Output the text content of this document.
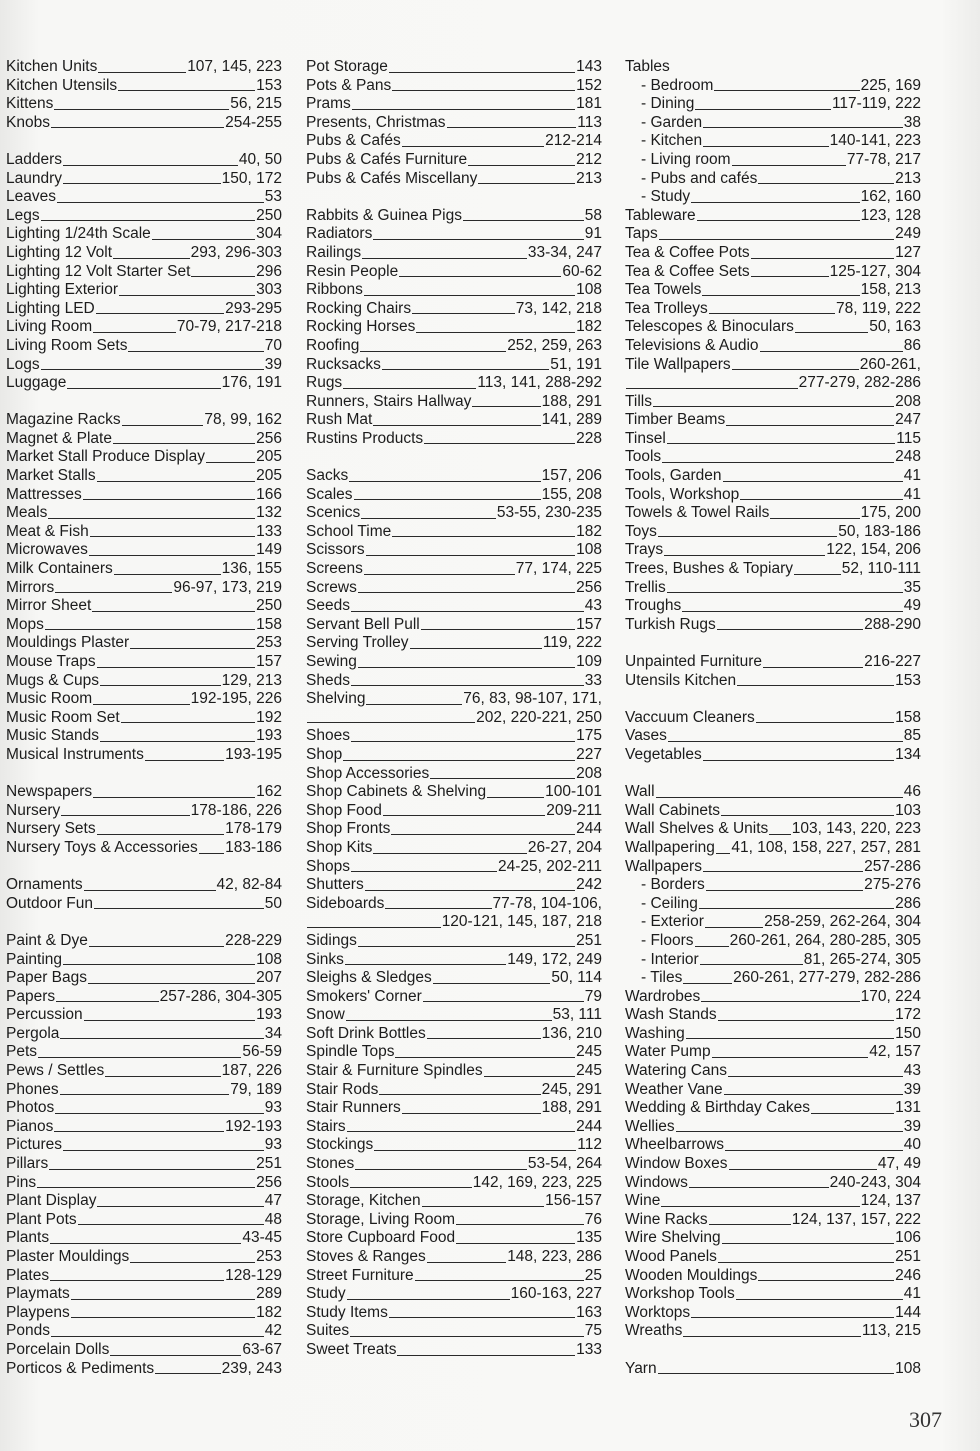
Kitchen Units	107, 145, 223
Kitchen Utensils	153
Kittens	56, 215
Knobs	254-255
Ladders	40, 50
Laundry	150, 172
Leaves	53
Legs	250
Lighting 1/24th Scale	304
Lighting 12 Volt	293, 296-303
Lighting 12 Volt Starter Set	296
Lighting Exterior	303
Lighting LED	293-295
Living Room	70-79, 217-218
Living Room Sets	70
Logs	39
Luggage	176, 191
Magazine Racks	78, 99, 162
Magnet & Plate	256
Market Stall Produce Display	205
Market Stalls	205
Mattresses	166
Meals	132
Meat & Fish	133
Microwaves	149
Milk Containers	136, 155
Mirrors	96-97, 173, 219
Mirror Sheet	250
Mops	158
Mouldings Plaster	253
Mouse Traps	157
Mugs & Cups	129, 213
Music Room	192-195, 226
Music Room Set	192
Music Stands	193
Musical Instruments	193-195
Newspapers	162
Nursery	178-186, 226
Nursery Sets	178-179
Nursery Toys & Accessories 183-186
Ornaments	42, 82-84
Outdoor Fun	50
Paint & Dye	228-229
Painting	108
Paper Bags	207
Papers	257-286, 304-305
Percussion	193
Pergola	34
Pets	56-59
Pews / Settles	187, 226
Phones	79, 189
Photos	93
Pianos	192-193
Pictures	93
Pillars	251
Pins	256
Plant Display	47
Plant Pots	48
Plants	43-45
Plaster Mouldings	253
Plates	128-129
Playmats	289
Playpens	182
Ponds	42
Porcelain Dolls	63-67
Porticos & Pediments	239, 243
Pot Storage	143
Pots & Pans	152
Prams	181
Presents, Christmas	113
Pubs & Cafés	212-214
Pubs & Cafés Furniture	212
Pubs & Cafés Miscellany	213
Rabbits & Guinea Pigs	58
Radiators	91
Railings	33-34, 247
Resin People	60-62
Ribbons	108
Rocking Chairs	73, 142, 218
Rocking Horses	182
Roofing	252, 259, 263
Rucksacks	51, 191
Rugs	113, 141, 288-292
Runners, Stairs Hallway	188, 291
Rush Mat	141, 289
Rustins Products	228
Sacks	157, 206
Scales	155, 208
Scenics	53-55, 230-235
School Time	182
Scissors	108
Screens	77, 174, 225
Screws	256
Seeds	43
Servant Bell Pull	157
Serving Trolley	119, 222
Sewing	109
Sheds	33
Shelving	76, 83, 98-107, 171,
202, 220-221, 250
Shoes	175
Shop	227
Shop Accessories	208
Shop Cabinets & Shelving	100-101
Shop Food	209-211
Shop Fronts	244
Shop Kits	26-27, 204
Shops	24-25, 202-211
Shutters	242
Sideboards	77-78, 104-106,
120-121, 145, 187, 218
Sidings	251
Sinks	149, 172, 249
Sleighs & Sledges	50, 114
Smokers' Corner	79
Snow	53, 111
Soft Drink Bottles	136, 210
Spindle Tops	245
Stair & Furniture Spindles	245
Stair Rods	245, 291
Stair Runners	188, 291
Stairs	244
Stockings	112
Stones	53-54, 264
Stools	142, 169, 223, 225
Storage, Kitchen	156-157
Storage, Living Room	76
Store Cupboard Food	135
Stoves & Ranges	148, 223, 286
Street Furniture	25
Study	160-163, 227
Study Items	163
Suites	75
Sweet Treats	133
Tables
- Bedroom	225, 169
- Dining	117-119, 222
- Garden	38
- Kitchen	140-141, 223
- Living room	77-78, 217
- Pubs and cafés	213
- Study	162, 160
Tableware	123, 128
Taps	249
Tea & Coffee Pots	127
Tea & Coffee Sets	125-127, 304
Tea Towels	158, 213
Tea Trolleys	78, 119, 222
Telescopes & Binoculars	50, 163
Televisions & Audio	86
Tile Wallpapers	260-261,
277-279, 282-286
Tills	208
Timber Beams	247
Tinsel	115
Tools	248
Tools, Garden	41
Tools, Workshop	41
Towels & Towel Rails	175, 200
Toys	50, 183-186
Trays	122, 154, 206
Trees, Bushes & Topiary	52, 110-111
Trellis	35
Troughs	49
Turkish Rugs	288-290
Unpainted Furniture	216-227
Utensils Kitchen	153
Vaccuum Cleaners	158
Vases	85
Vegetables	134
Wall	46
Wall Cabinets	103
Wall Shelves & Units 103, 143, 220, 223
Wallpapering 41, 108, 158, 227, 257, 281
Wallpapers	257-286
- Borders	275-276
- Ceiling	286
- Exterior	258-259, 262-264, 304
- Floors 260-261, 264, 280-285, 305
- Interior	81, 265-274, 305
- Tiles	260-261, 277-279, 282-286
Wardrobes	170, 224
Wash Stands	172
Washing	150
Water Pump	42, 157
Watering Cans	43
Weather Vane	39
Wedding & Birthday Cakes	131
Wellies	39
Wheelbarrows	40
Window Boxes	47, 49
Windows	240-243, 304
Wine	124, 137
Wine Racks	124, 137, 157, 222
Wire Shelving	106
Wood Panels	251
Wooden Mouldings	246
Workshop Tools	41
Worktops	144
Wreaths	113, 215
Yarn	108
307
